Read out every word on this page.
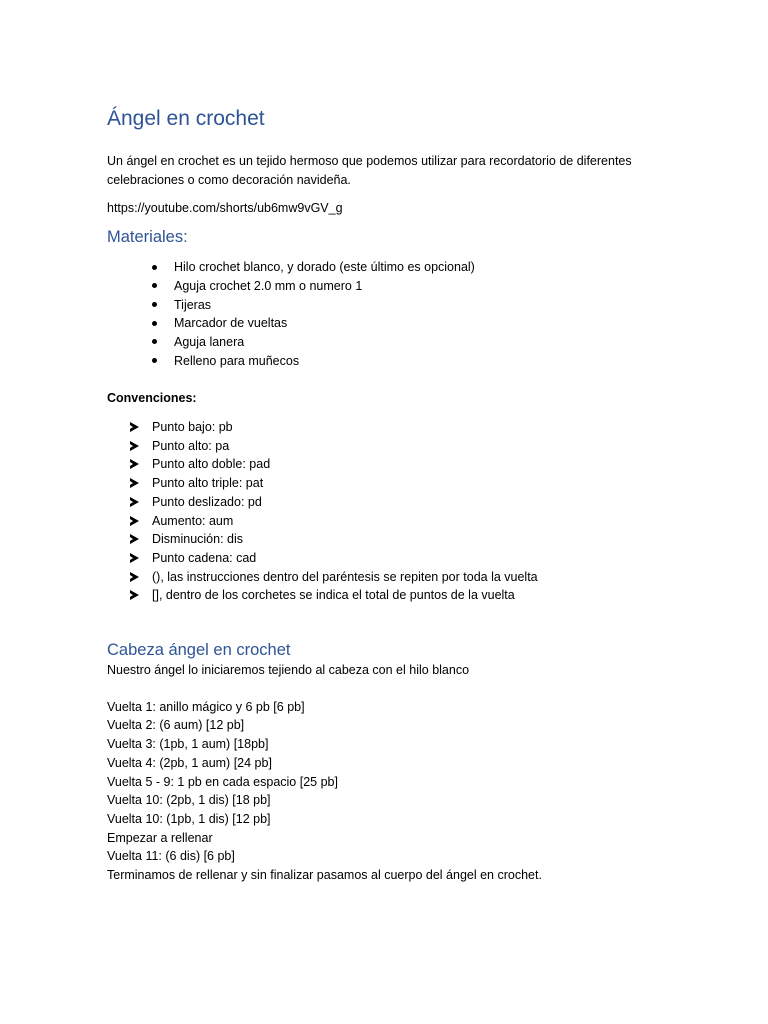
Ángel en crochet

Un ángel en crochet es un tejido hermoso que podemos utilizar para recordatorio de diferentes celebraciones o como decoración navideña.

https://youtube.com/shorts/ub6mw9vGV_g

Materiales:
Hilo crochet blanco, y dorado (este último es opcional)
Aguja crochet 2.0 mm o numero 1
Tijeras
Marcador de vueltas
Aguja lanera
Relleno para muñecos

Convenciones:

Punto bajo: pb
Punto alto: pa
Punto alto doble: pad
Punto alto triple: pat
Punto deslizado: pd
Aumento: aum
Disminución: dis
Punto cadena: cad
(), las instrucciones dentro del paréntesis se repiten por toda la vuelta
[], dentro de los corchetes se indica el total de puntos de la vuelta
Cabeza ángel en crochet

Nuestro ángel lo iniciaremos tejiendo al cabeza con el hilo blanco

Vuelta 1: anillo mágico y 6 pb [6 pb]

Vuelta 2: (6 aum) [12 pb]

Vuelta 3: (1pb, 1 aum) [18pb]

Vuelta 4: (2pb, 1 aum) [24 pb]

Vuelta 5 - 9: 1 pb en cada espacio [25 pb]

Vuelta 10: (2pb, 1 dis) [18 pb]

Vuelta 10: (1pb, 1 dis) [12 pb]

Empezar a rellenar

Vuelta 11: (6 dis) [6 pb]

Terminamos de rellenar y sin finalizar pasamos al cuerpo del ángel en crochet.
